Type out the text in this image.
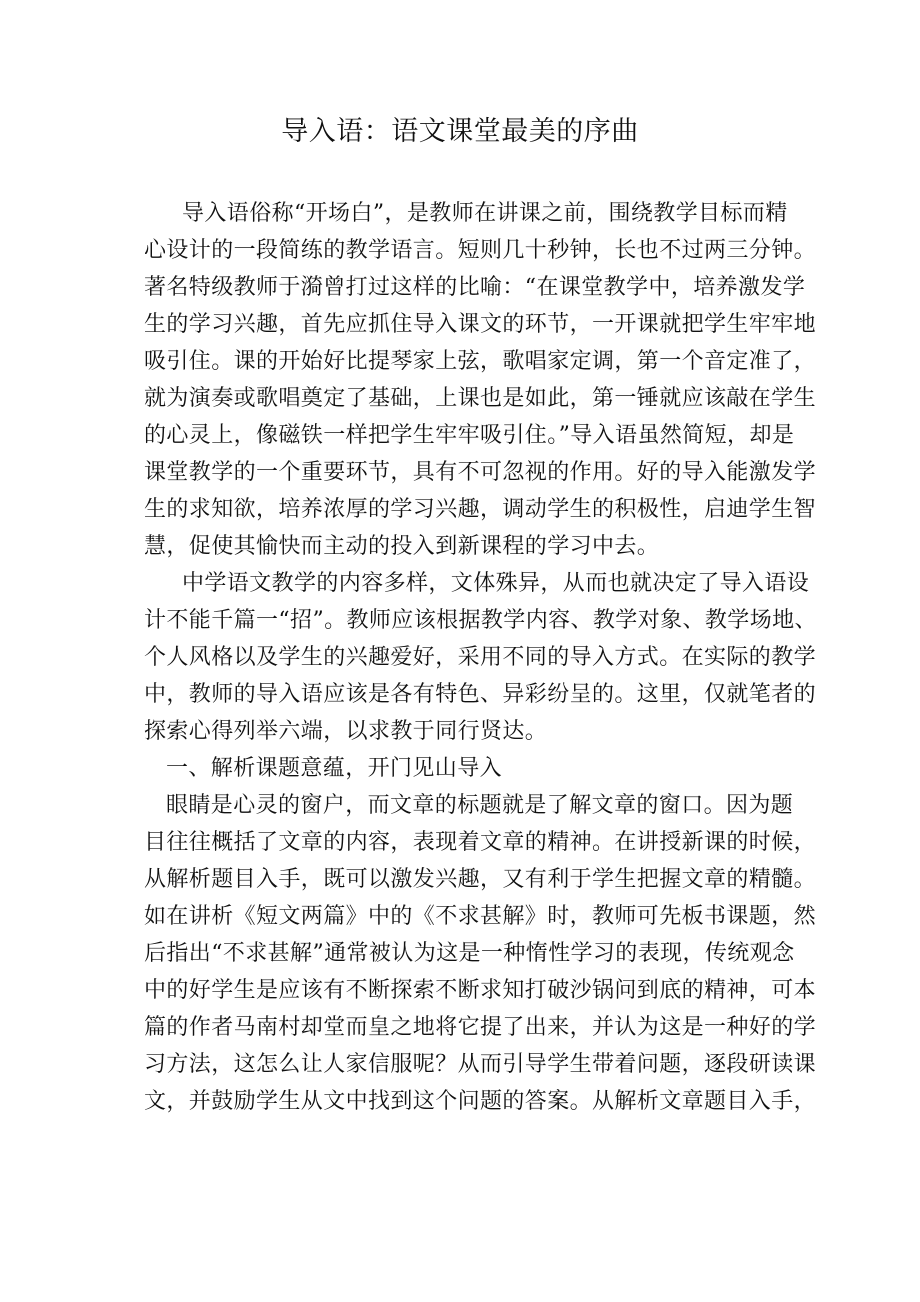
导入语：语文课堂最美的序曲
导入语俗称“开场白”，是教师在讲课之前，围绕教学目标而精
心设计的一段简练的教学语言。短则几十秒钟，长也不过两三分钟。
著名特级教师于漪曾打过这样的比喻：“在课堂教学中，培养激发学
生的学习兴趣，首先应抓住导入课文的环节，一开课就把学生牢牢地
吸引住。课的开始好比提琴家上弦，歌唱家定调，第一个音定准了，
就为演奏或歌唱奠定了基础，上课也是如此，第一锤就应该敲在学生
的心灵上，像磁铁一样把学生牢牢吸引住。”导入语虽然简短，却是
课堂教学的一个重要环节，具有不可忽视的作用。好的导入能激发学
生的求知欲，培养浓厚的学习兴趣，调动学生的积极性，启迪学生智
慧，促使其愉快而主动的投入到新课程的学习中去。
中学语文教学的内容多样，文体殊异，从而也就决定了导入语设
计不能千篇一“招”。教师应该根据教学内容、教学对象、教学场地、
个人风格以及学生的兴趣爱好，采用不同的导入方式。在实际的教学
中，教师的导入语应该是各有特色、异彩纷呈的。这里，仅就笔者的
探索心得列举六端，以求教于同行贤达。
一、解析课题意蕴，开门见山导入
眼睛是心灵的窗户，而文章的标题就是了解文章的窗口。因为题
目往往概括了文章的内容，表现着文章的精神。在讲授新课的时候，
从解析题目入手，既可以激发兴趣，又有利于学生把握文章的精髓。
如在讲析《短文两篇》中的《不求甚解》时，教师可先板书课题，然
后指出“不求甚解”通常被认为这是一种惰性学习的表现，传统观念
中的好学生是应该有不断探索不断求知打破沙锅问到底的精神，可本
篇的作者马南村却堂而皇之地将它提了出来，并认为这是一种好的学
习方法，这怎么让人家信服呢？从而引导学生带着问题，逐段研读课
文，并鼓励学生从文中找到这个问题的答案。从解析文章题目入手，
